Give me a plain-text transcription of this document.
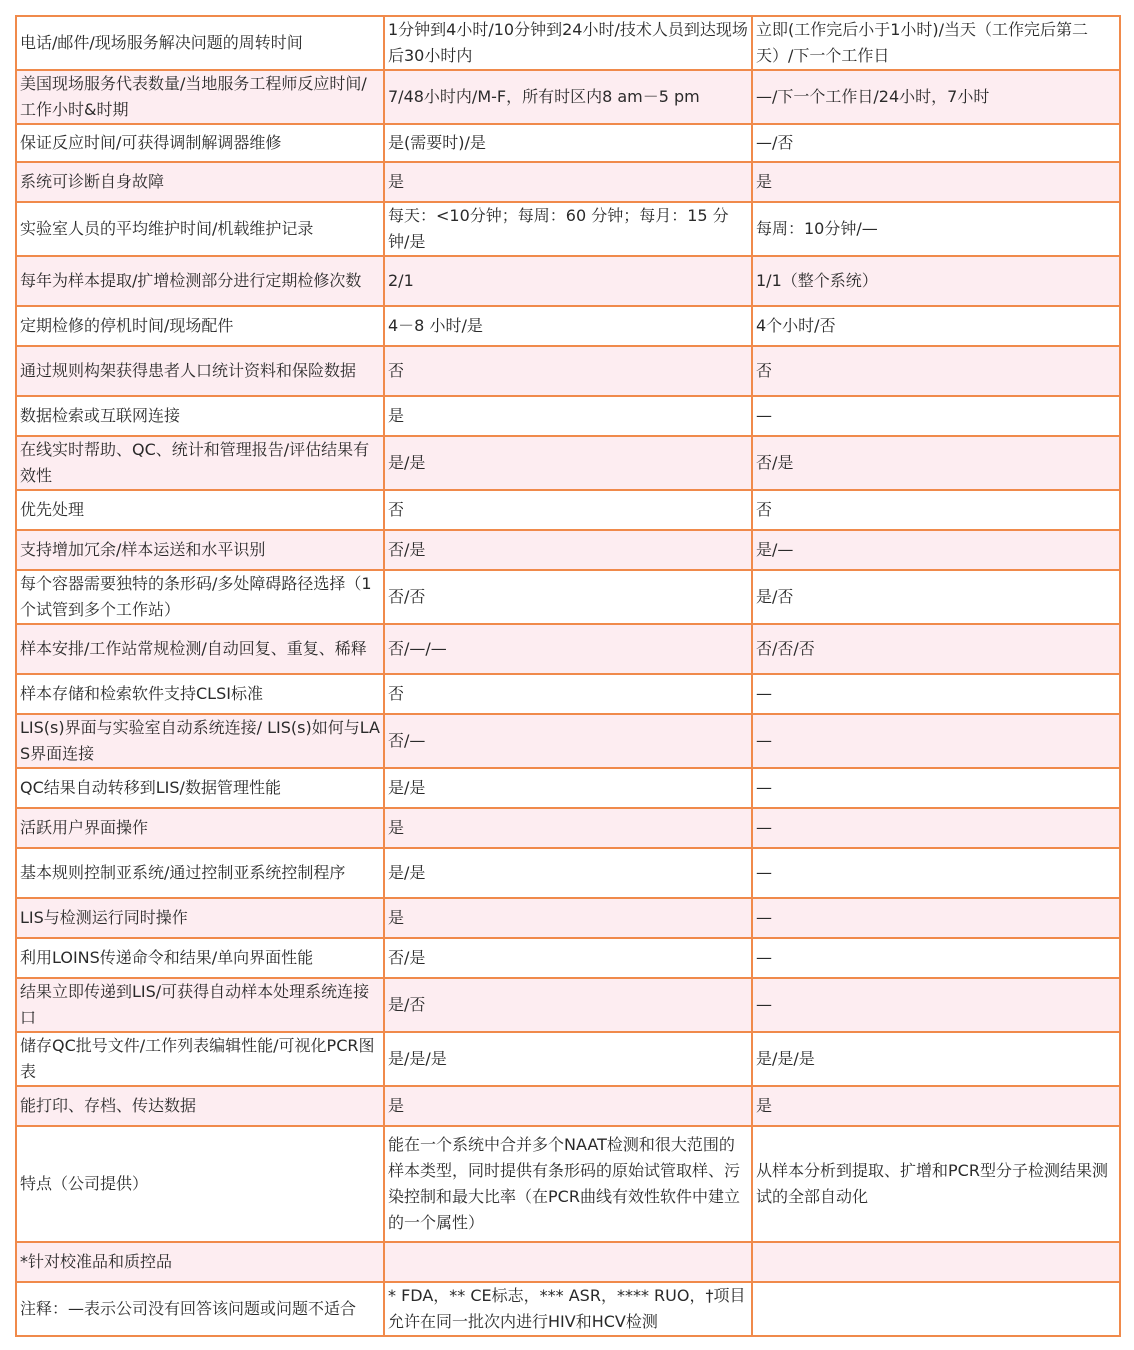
电话/邮件/现场服务解决问题的周转时间	1分钟到4小时/10分钟到24小时/技术人员到达现场后30小时内	立即(工作完后小于1小时)/当天（工作完后第二天）/下一个工作日
美国现场服务代表数量/当地服务工程师反应时间/工作小时&时期	7/48小时内/M-F，所有时区内8 am－5 pm	—/下一个工作日/24小时，7小时
保证反应时间/可获得调制解调器维修	是(需要时)/是	—/否
系统可诊断自身故障	是	是
实验室人员的平均维护时间/机载维护记录	每天：<10分钟；每周：60 分钟；每月：15 分钟/是	每周：10分钟/—
每年为样本提取/扩增检测部分进行定期检修次数	2/1	1/1（整个系统）
定期检修的停机时间/现场配件	4－8 小时/是	4个小时/否
通过规则构架获得患者人口统计资料和保险数据	否	否
数据检索或互联网连接	是	—
在线实时帮助、QC、统计和管理报告/评估结果有效性	是/是	否/是
优先处理	否	否
支持增加冗余/样本运送和水平识别	否/是	是/—
每个容器需要独特的条形码/多处障碍路径选择（1个试管到多个工作站）	否/否	是/否
样本安排/工作站常规检测/自动回复、重复、稀释	否/—/—	否/否/否
样本存储和检索软件支持CLSI标准	否	—
LIS(s)界面与实验室自动系统连接/ LIS(s)如何与LAS界面连接	否/—	—
QC结果自动转移到LIS/数据管理性能	是/是	—
活跃用户界面操作	是	—
基本规则控制亚系统/通过控制亚系统控制程序	是/是	—
LIS与检测运行同时操作	是	—
利用LOINS传递命令和结果/单向界面性能	否/是	—
结果立即传递到LIS/可获得自动样本处理系统连接口	是/否	—
储存QC批号文件/工作列表编辑性能/可视化PCR图表	是/是/是	是/是/是
能打印、存档、传达数据	是	是
特点（公司提供）	能在一个系统中合并多个NAAT检测和很大范围的样本类型，同时提供有条形码的原始试管取样、污染控制和最大比率（在PCR曲线有效性软件中建立的一个属性）	从样本分析到提取、扩增和PCR型分子检测结果测试的全部自动化
*针对校准品和质控品		
注释：—表示公司没有回答该问题或问题不适合	* FDA，** CE标志，*** ASR，**** RUO，†项目允许在同一批次内进行HIV和HCV检测	
